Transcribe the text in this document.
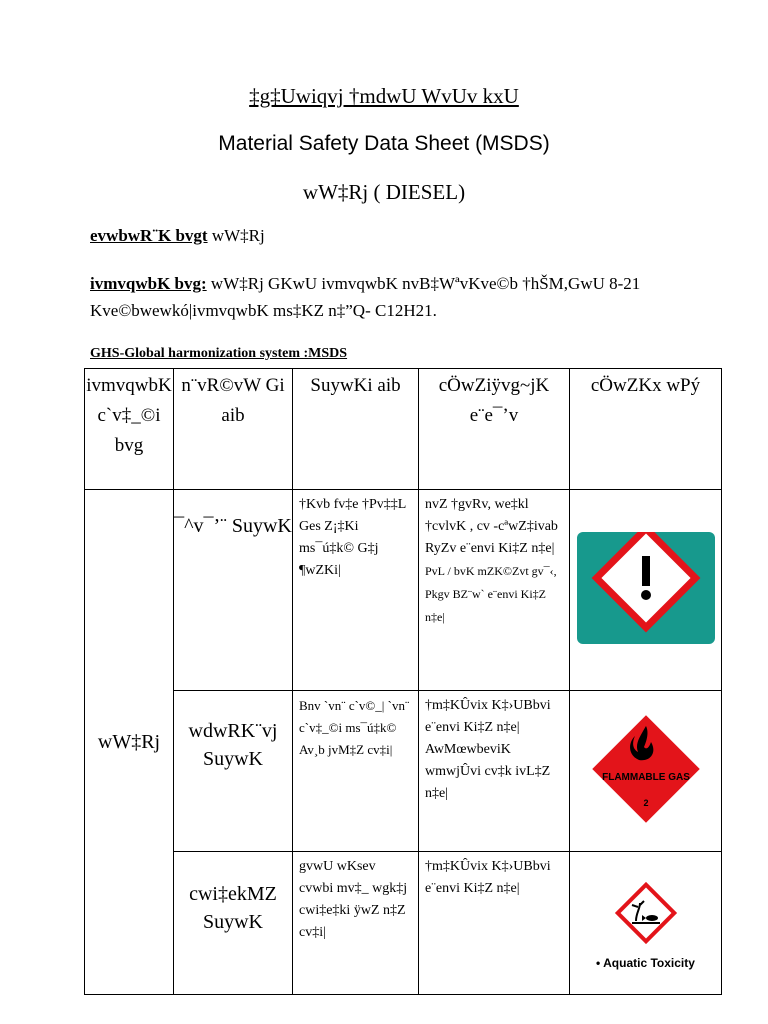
‡g‡Uwiqvj †mdwU WvUv kxU
Material Safety Data Sheet (MSDS)
wW‡Rj ( DIESEL)
evwbwR¨K bvgt wW‡Rj
ivmvqwbK bvg: wW‡Rj GKwU ivmvqwbK nvB‡WªvKve©b †hŠM,GwU 8-21 Kve©bwewkó|ivmvqwbK ms‡KZ n‡”Q- C12H21.
GHS-Global harmonization system :MSDS
ivmvqwbK c`v‡_©i bvg	n¨vR©vW Gi aib	SuywKi aib	cÖwZiÿvg~jK e¨e¯’v	cÖwZKx wPý
wW‡Rj	¯^v¯’¨ SuywK	†Kvb fv‡e †Pv‡‡L Ges Z¡‡Ki ms¯ú‡k© G‡j ¶wZKi|	nvZ †gvRv, we‡kl †cvlvK , cv -cªwZ‡ivab RyZv e¨envi Ki‡Z n‡e| PvL / bvK mZK©Zvt gv¯‹, Pkgv BZ¨w` e¨envi Ki‡Z n‡e|	
	wdwRK¨vj SuywK	Bnv `vn¨ c`v©_| `vn¨ c`v‡_©i ms¯ú‡k© Av¸b jvM‡Z cv‡i|	†m‡KÛvix K‡›UBbvi e¨envi Ki‡Z n‡e| AwMœwbeviK wmwjÛvi cv‡k ivL‡Z n‡e|	FLAMMABLE GAS
2

	cwi‡ekMZ SuywK	gvwU wKsev cvwbi mv‡_ wgk‡j cwi‡e‡ki ÿwZ n‡Z cv‡i|	†m‡KÛvix K‡›UBbvi e¨envi Ki‡Z n‡e|	• Aquatic Toxicity
